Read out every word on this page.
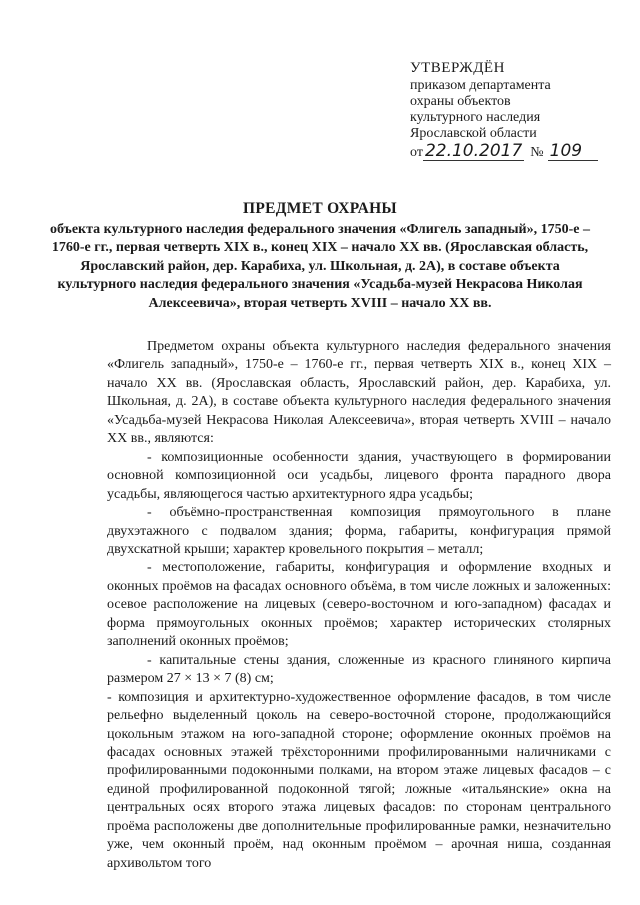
УТВЕРЖДЁН
приказом департамента
охраны объектов
культурного наследия
Ярославской области
от 22.10.2017 № 109
ПРЕДМЕТ ОХРАНЫ
объекта культурного наследия федерального значения «Флигель западный», 1750-е – 1760-е гг., первая четверть XIX в., конец XIX – начало XX вв. (Ярославская область, Ярославский район, дер. Карабиха, ул. Школьная, д. 2А), в составе объекта культурного наследия федерального значения «Усадьба-музей Некрасова Николая Алексеевича», вторая четверть XVIII – начало XX вв.

Предметом охраны объекта культурного наследия федерального значения «Флигель западный», 1750-е – 1760-е гг., первая четверть XIX в., конец XIX – начало XX вв. (Ярославская область, Ярославский район, дер. Карабиха, ул. Школьная, д. 2А), в составе объекта культурного наследия федерального значения «Усадьба-музей Некрасова Николая Алексеевича», вторая четверть XVIII – начало XX вв., являются:

- композиционные особенности здания, участвующего в формировании основной композиционной оси усадьбы, лицевого фронта парадного двора усадьбы, являющегося частью архитектурного ядра усадьбы;

- объёмно-пространственная композиция прямоугольного в плане двухэтажного с подвалом здания; форма, габариты, конфигурация прямой двухскатной крыши; характер кровельного покрытия – металл;

- местоположение, габариты, конфигурация и оформление входных и оконных проёмов на фасадах основного объёма, в том числе ложных и заложенных: осевое расположение на лицевых (северо-восточном и юго-западном) фасадах и форма прямоугольных оконных проёмов; характер исторических столярных заполнений оконных проёмов;

- капитальные стены здания, сложенные из красного глиняного кирпича размером 27 × 13 × 7 (8) см;

- композиция и архитектурно-художественное оформление фасадов, в том числе рельефно выделенный цоколь на северо-восточной стороне, продолжающийся цокольным этажом на юго-западной стороне; оформление оконных проёмов на фасадах основных этажей трёхсторонними профилированными наличниками с профилированными подоконными полками, на втором этаже лицевых фасадов – с единой профилированной подоконной тягой; ложные «итальянские» окна на центральных осях второго этажа лицевых фасадов: по сторонам центрального проёма расположены две дополнительные профилированные рамки, незначительно уже, чем оконный проём, над оконным проёмом – арочная ниша, созданная архивольтом того
